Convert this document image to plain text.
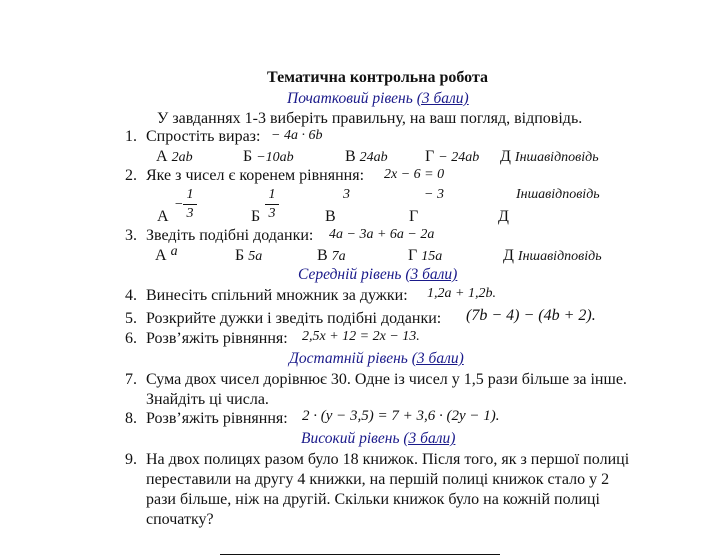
Тематична контрольна робота
Початковий рівень (3 бали)
У завданнях 1-3 виберіть правильну, на ваш погляд, відповідь.
1. Спростіть вираз: − 4a · 6b
А 2ab	Б −10ab	В 24ab Г − 24ab Д Іншавідповідь
2. Яке з чисел є коренем рівняння: 2x − 6 = 0
А
−
1
3	Б
1
3
3
В
− 3
Г
Іншавідповідь
Д
3. Зведіть подібні доданки: 4a − 3a + 6a − 2a
А a	Б 5a	В 7a	Г 15a	Д Іншавідповідь
Середній рівень (3 бали)
4. Винесіть спільний множник за дужки: 1,2a + 1,2b.
5. Розкрийте дужки і зведіть подібні доданки: (7b − 4) − (4b + 2).
6. Розв’яжіть рівняння: 2,5x + 12 = 2x − 13.
Достатній рівень (3 бали)
7. Сума двох чисел дорівнює 30. Одне із чисел у 1,5 рази більше за інше.
Знайдіть ці числа.
8. Розв’яжіть рівняння: 2 · (y − 3,5) = 7 + 3,6 · (2y − 1).
Високий рівень (3 бали)
9. На двох полицях разом було 18 книжок. Після того, як з першої полиці
переставили на другу 4 книжки, на першій полиці книжок стало у 2
рази більше, ніж на другій. Скільки книжок було на кожній полиці
спочатку?
